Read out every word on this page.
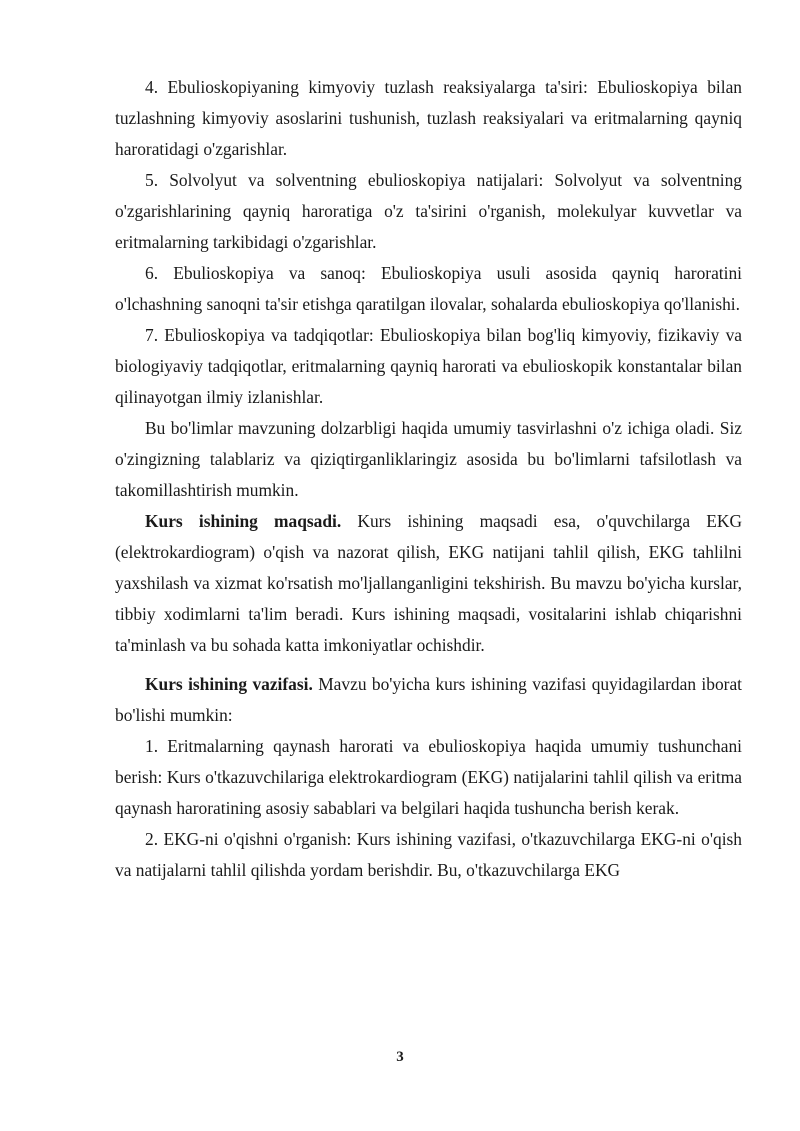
4. Ebulioskopiyaning kimyoviy tuzlash reaksiyalarga ta'siri: Ebulioskopiya bilan tuzlashning kimyoviy asoslarini tushunish, tuzlash reaksiyalari va eritmalarning qayniq haroratidagi o'zgarishlar.

5. Solvolyut va solventning ebulioskopiya natijalari: Solvolyut va solventning o'zgarishlarining qayniq haroratiga o'z ta'sirini o'rganish, molekulyar kuvvetlar va eritmalarning tarkibidagi o'zgarishlar.

6. Ebulioskopiya va sanoq: Ebulioskopiya usuli asosida qayniq haroratini o'lchashning sanoqni ta'sir etishga qaratilgan ilovalar, sohalarda ebulioskopiya qo'llanishi.

7. Ebulioskopiya va tadqiqotlar: Ebulioskopiya bilan bog'liq kimyoviy, fizikaviy va biologiyaviy tadqiqotlar, eritmalarning qayniq harorati va ebulioskopik konstantalar bilan qilinayotgan ilmiy izlanishlar.

Bu bo'limlar mavzuning dolzarbligi haqida umumiy tasvirlashni o'z ichiga oladi. Siz o'zingizning talablariz va qiziqtirganliklaringiz asosida bu bo'limlarni tafsilotlash va takomillashtirish mumkin.

Kurs ishining maqsadi. Kurs ishining maqsadi esa, o'quvchilarga EKG (elektrokardiogram) o'qish va nazorat qilish, EKG natijani tahlil qilish, EKG tahlilni yaxshilash va xizmat ko'rsatish mo'ljallanganligini tekshirish. Bu mavzu bo'yicha kurslar, tibbiy xodimlarni ta'lim beradi. Kurs ishining maqsadi, vositalarini ishlab chiqarishni ta'minlash va bu sohada katta imkoniyatlar ochishdir.

Kurs ishining vazifasi. Mavzu bo'yicha kurs ishining vazifasi quyidagilardan iborat bo'lishi mumkin:

1. Eritmalarning qaynash harorati va ebulioskopiya haqida umumiy tushunchani berish: Kurs o'tkazuvchilariga elektrokardiogram (EKG) natijalarini tahlil qilish va eritma qaynash haroratining asosiy sabablari va belgilari haqida tushuncha berish kerak.

2. EKG-ni o'qishni o'rganish: Kurs ishining vazifasi, o'tkazuvchilarga EKG-ni o'qish va natijalarni tahlil qilishda yordam berishdir. Bu, o'tkazuvchilarga EKG

3
